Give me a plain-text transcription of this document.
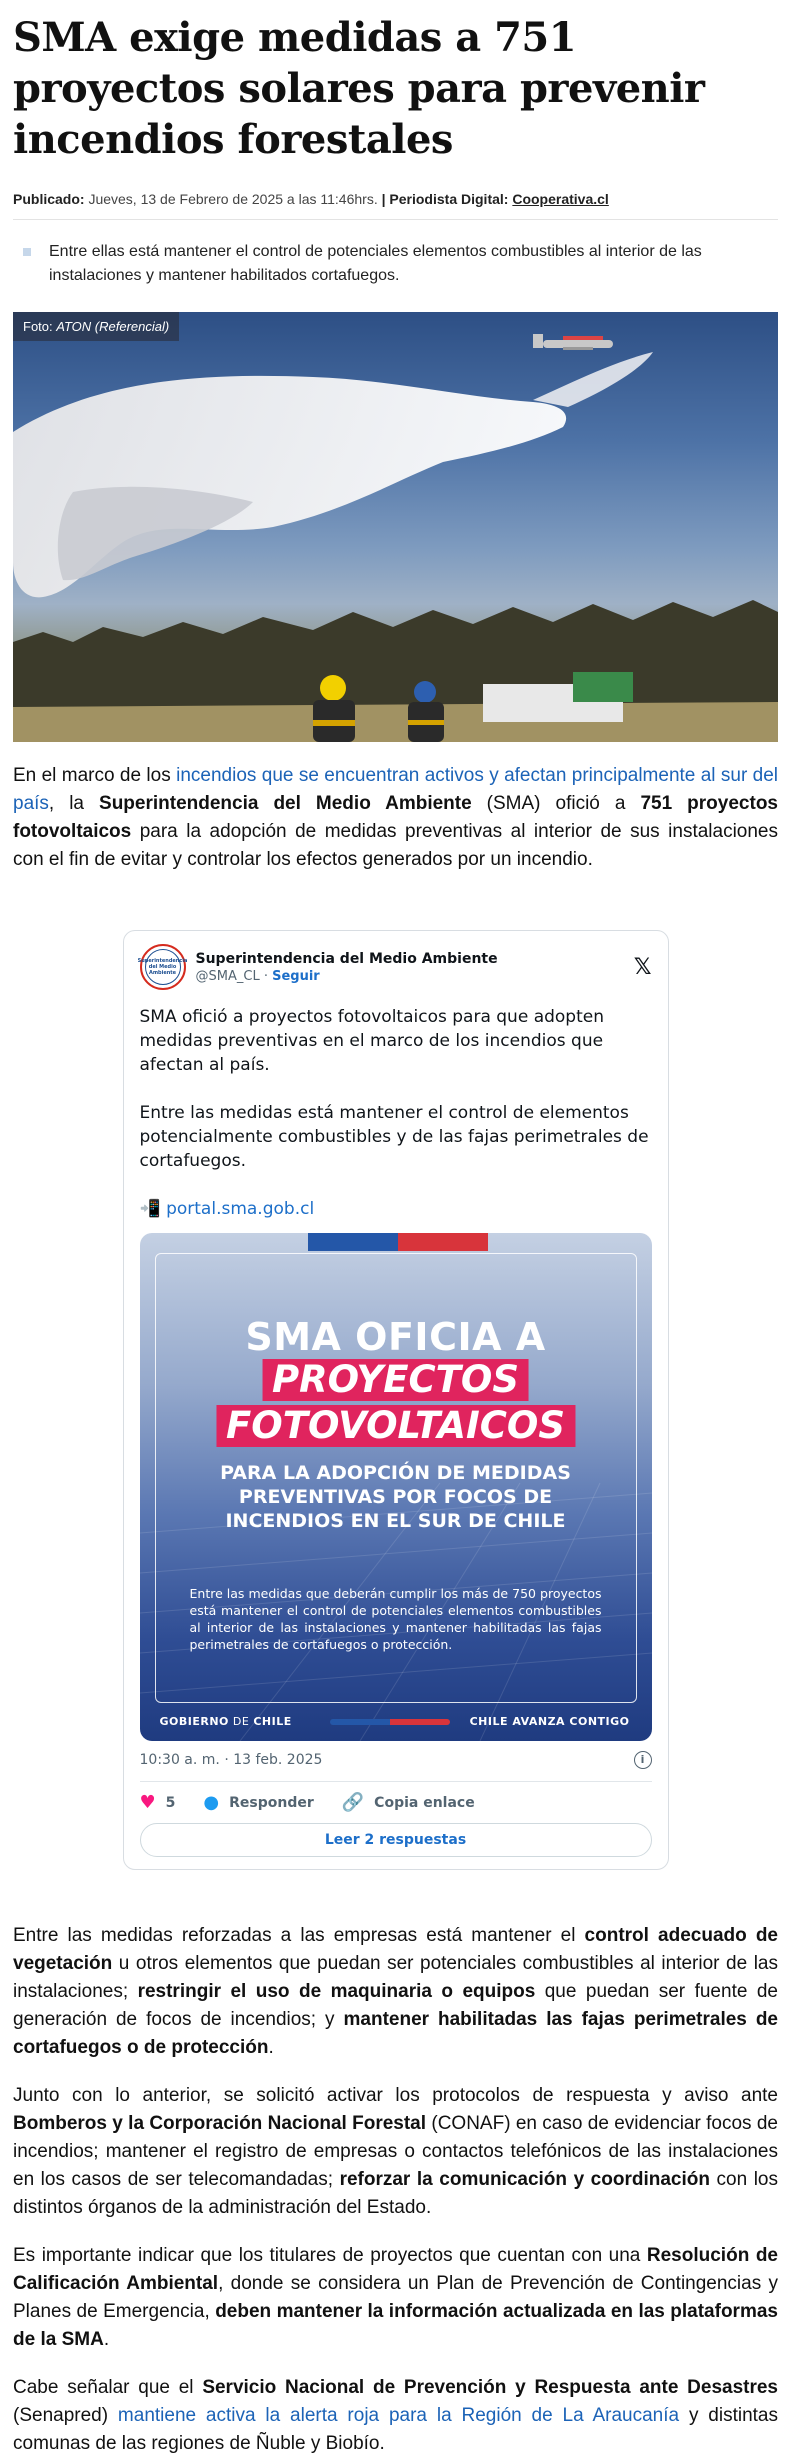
SMA exige medidas a 751 proyectos solares para prevenir incendios forestales
Publicado: Jueves, 13 de Febrero de 2025 a las 11:46hrs. | Periodista Digital: Cooperativa.cl
Entre ellas está mantener el control de potenciales elementos combustibles al interior de las instalaciones y mantener habilitados cortafuegos.
Foto: ATON (Referencial)

En el marco de los incendios que se encuentran activos y afectan principalmente al sur del país, la Superintendencia del Medio Ambiente (SMA) ofició a 751 proyectos fotovoltaicos para la adopción de medidas preventivas al interior de sus instalaciones con el fin de evitar y controlar los efectos generados por un incendio.

Superintendencia del Medio Ambiente
Superintendencia del Medio Ambiente
@SMA_CL · Seguir	𝕏

SMA ofició a proyectos fotovoltaicos para que adopten medidas preventivas en el marco de los incendios que afectan al país.

Entre las medidas está mantener el control de elementos potencialmente combustibles y de las fajas perimetrales de cortafuegos.

📲 portal.sma.gob.cl

SMA OFICIA A
PROYECTOS
FOTOVOLTAICOS
PARA LA ADOPCIÓN DE MEDIDAS PREVENTIVAS POR FOCOS DE INCENDIOS EN EL SUR DE CHILE
Entre las medidas que deberán cumplir los más de 750 proyectos está mantener el control de potenciales elementos combustibles al interior de las instalaciones y mantener habilitadas las fajas perimetrales de cortafuegos o protección.
GOBIERNO DE CHILE	CHILE AVANZA CONTIGO
10:30 a. m. · 13 feb. 2025	i
♥ 5 ● Responder 🔗 Copia enlace
Leer 2 respuestas

Entre las medidas reforzadas a las empresas está mantener el control adecuado de vegetación u otros elementos que puedan ser potenciales combustibles al interior de las instalaciones; restringir el uso de maquinaria o equipos que puedan ser fuente de generación de focos de incendios; y mantener habilitadas las fajas perimetrales de cortafuegos o de protección.

Junto con lo anterior, se solicitó activar los protocolos de respuesta y aviso ante Bomberos y la Corporación Nacional Forestal (CONAF) en caso de evidenciar focos de incendios; mantener el registro de empresas o contactos telefónicos de las instalaciones en los casos de ser telecomandadas; reforzar la comunicación y coordinación con los distintos órganos de la administración del Estado.

Es importante indicar que los titulares de proyectos que cuentan con una Resolución de Calificación Ambiental, donde se considera un Plan de Prevención de Contingencias y Planes de Emergencia, deben mantener la información actualizada en las plataformas de la SMA.

Cabe señalar que el Servicio Nacional de Prevención y Respuesta ante Desastres (Senapred) mantiene activa la alerta roja para la Región de La Araucanía y distintas comunas de las regiones de Ñuble y Biobío.
